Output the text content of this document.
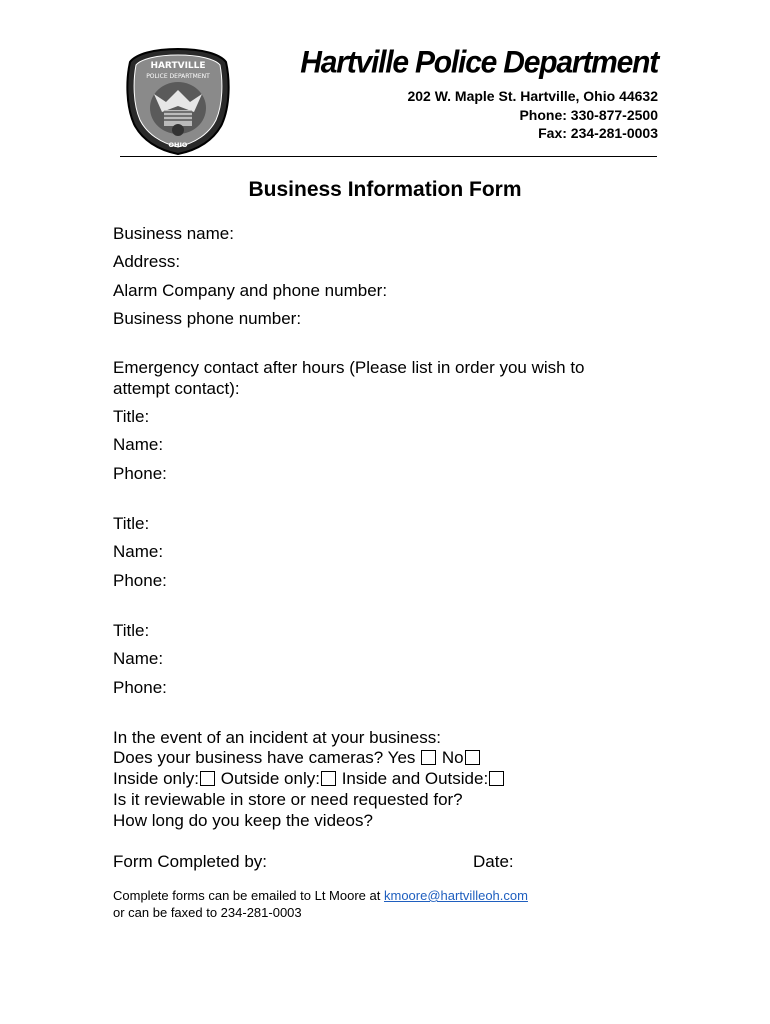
HARTVILLE
POLICE DEPARTMENT
OHIO
Hartville Police Department
202 W. Maple St. Hartville, Ohio 44632
Phone: 330-877-2500
Fax: 234-281-0003
Business Information Form
Business name:
Address:
Alarm Company and phone number:
Business phone number:
Emergency contact after hours (Please list in order you wish to
attempt contact):
Title:
Name:
Phone:
Title:
Name:
Phone:
Title:
Name:
Phone:
In the event of an incident at your business:
Does your business have cameras? Yes No
Inside only: Outside only: Inside and Outside:
Is it reviewable in store or need requested for?
How long do you keep the videos?
Form Completed by:	Date:
Complete forms can be emailed to Lt Moore at kmoore@hartvilleoh.com
or can be faxed to 234-281-0003
